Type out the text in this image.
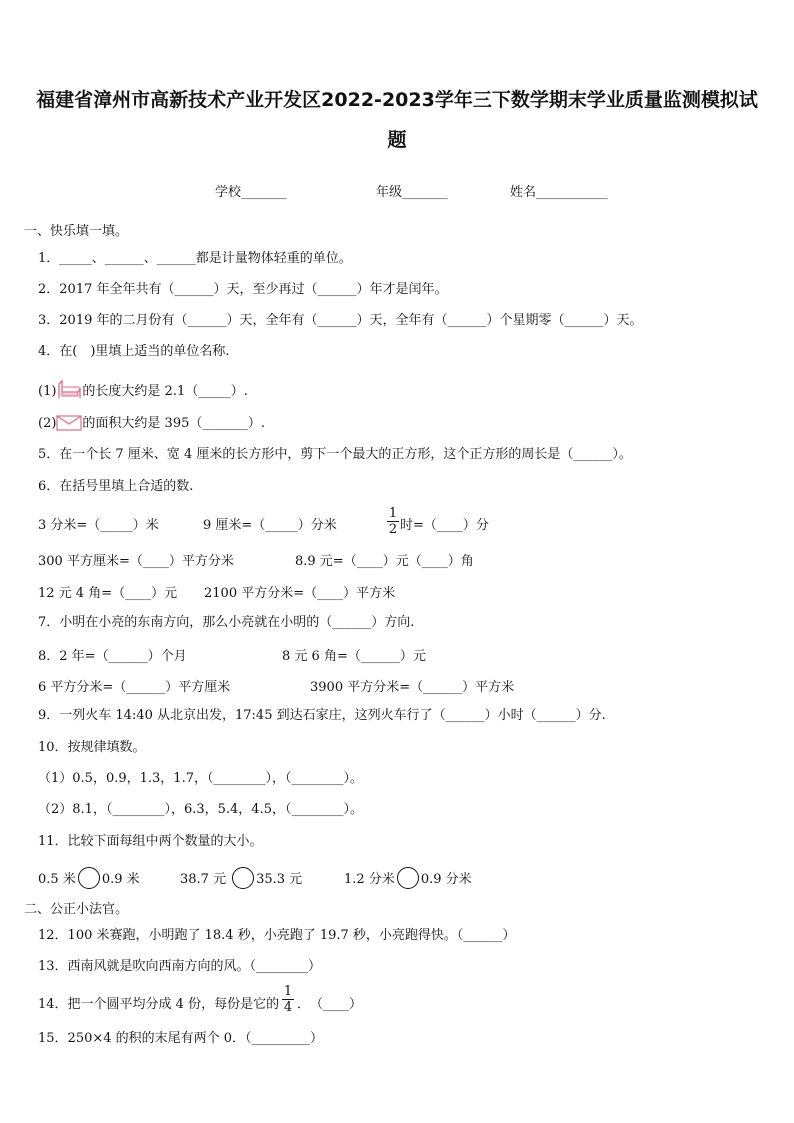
福建省漳州市高新技术产业开发区2022-2023学年三下数学期末学业质量监测模拟试
题
学校_______	年级_______	姓名___________
一、快乐填一填。
1．_____、______、______都是计量物体轻重的单位。
2．2017 年全年共有（______）天，至少再过（______）年才是闰年。
3．2019 年的二月份有（______）天，全年有（______）天，全年有（______）个星期零（______）天。
4．在(　)里填上适当的单位名称.
(1) 的长度大约是 2.1（_____）.
(2) 的面积大约是 395（_______）.
5．在一个长 7 厘米、宽 4 厘米的长方形中，剪下一个最大的正方形，这个正方形的周长是（______）。
6．在括号里填上合适的数.
3 分米=（_____）米	9 厘米=（_____）分米	$\frac{1}{2}$ 时=（____）分
300 平方厘米=（____）平方分米	8.9 元=（____）元（____）角
12 元 4 角=（____）元 2100 平方分米=（____）平方米
7．小明在小亮的东南方向，那么小亮就在小明的（______）方向.
8．2 年=（______）个月	8 元 6 角=（______）元
6 平方分米=（______）平方厘米	3900 平方分米=（______）平方米
9．一列火车 14:40 从北京出发，17:45 到达石家庄，这列火车行了（______）小时（______）分.
10．按规律填数。
（1）0.5，0.9，1.3，1.7，（________），（________）。
（2）8.1，（________），6.3，5.4，4.5，（________）。
11．比较下面每组中两个数量的大小。
0.5 米 0.9 米	38.7 元 35.3 元	1.2 分米 0.9 分米
二、公正小法官。
12．100 米赛跑，小明跑了 18.4 秒，小亮跑了 19.7 秒，小亮跑得快。（______）
13．西南风就是吹向西南方向的风。（________）
14．把一个圆平均分成 4 份，每份是它的 $\frac{1}{4}$ ．　（____）
15．250×4 的积的末尾有两个 0．（_________）
